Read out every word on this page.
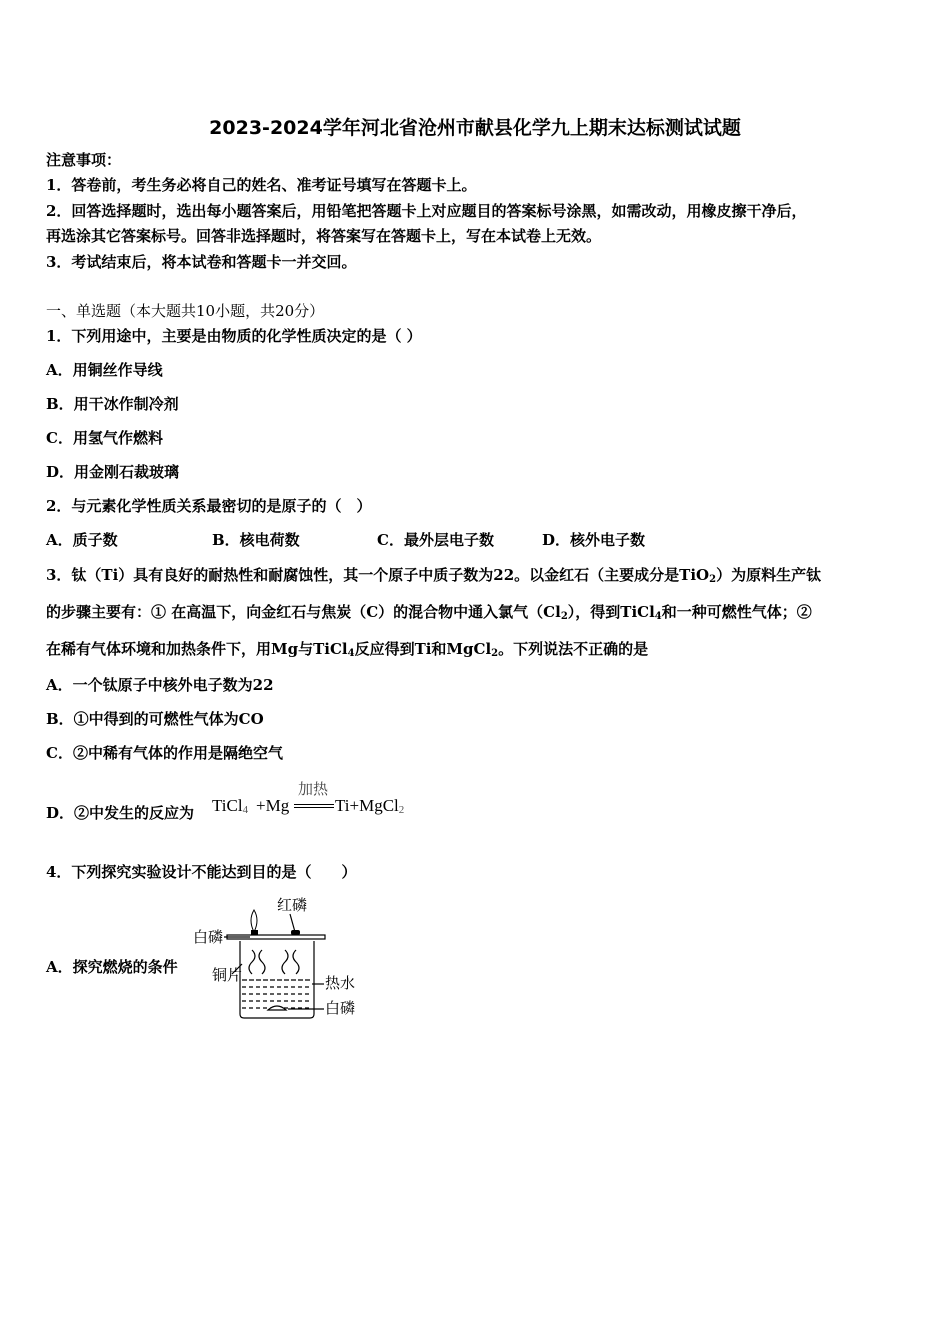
2023-2024学年河北省沧州市献县化学九上期末达标测试试题
注意事项：
1．答卷前，考生务必将自己的姓名、准考证号填写在答题卡上。
2．回答选择题时，选出每小题答案后，用铅笔把答题卡上对应题目的答案标号涂黑，如需改动，用橡皮擦干净后，
再选涂其它答案标号。回答非选择题时，将答案写在答题卡上，写在本试卷上无效。
3．考试结束后，将本试卷和答题卡一并交回。
一、单选题（本大题共10小题，共20分）
1．下列用途中，主要是由物质的化学性质决定的是（ ）
A．用铜丝作导线
B．用干冰作制冷剂
C．用氢气作燃料
D．用金刚石裁玻璃
2．与元素化学性质关系最密切的是原子的（　）
A．质子数	B．核电荷数	C．最外层电子数	D．核外电子数
3．钛（Ti）具有良好的耐热性和耐腐蚀性，其一个原子中质子数为22。以金红石（主要成分是TiO$_2$）为原料生产钛
的步骤主要有：① 在高温下，向金红石与焦炭（C）的混合物中通入氯气$(Cl_2)$，得到TiCl$_4$和一种可燃性气体；②
在稀有气体环境和加热条件下，用Mg与TiCl$_4$反应得到Ti和MgCl$_2$。下列说法不正确的是
A．一个钛原子中核外电子数为22
B．①中得到的可燃性气体为CO
C．②中稀有气体的作用是隔绝空气
D．②中发生的反应为 TiCl$_4$ +Mg
加热
Ti+MgCl$_2$
4．下列探究实验设计不能达到目的是（　　）
A．探究燃烧的条件
红磷
白磷
铜片	热水
白磷
